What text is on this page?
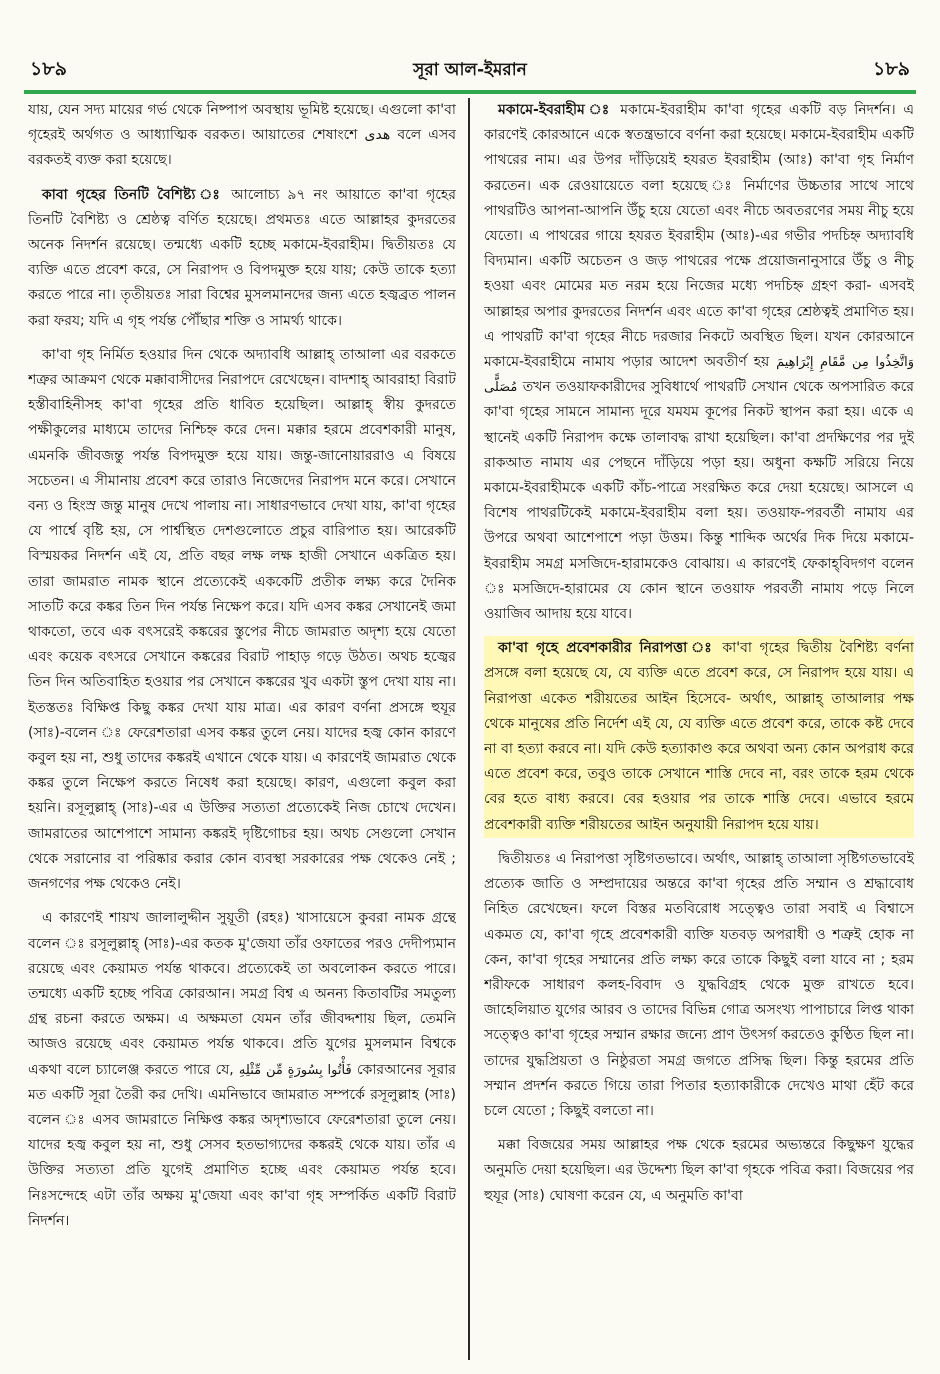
১৮৯	সূরা আল-ইমরান	১৮৯

যায়, যেন সদ্য মায়ের গর্ভ থেকে নিষ্পাপ অবস্থায় ভূমিষ্ট হয়েছে। এগুলো কা'বা গৃহেরই অর্থগত ও আধ্যাত্মিক বরকত। আয়াতের শেষাংশে هدى বলে এসব বরকতই ব্যক্ত করা হয়েছে।

কাবা গৃহের তিনটি বৈশিষ্ট্য ঃ আলোচ্য ৯৭ নং আয়াতে কা'বা গৃহের তিনটি বৈশিষ্ট্য ও শ্রেষ্ঠত্ব বর্ণিত হয়েছে। প্রথমতঃ এতে আল্লাহর কুদরতের অনেক নিদর্শন রয়েছে। তন্মধ্যে একটি হচ্ছে মকামে-ইবরাহীম। দ্বিতীয়তঃ যে ব্যক্তি এতে প্রবেশ করে, সে নিরাপদ ও বিপদমুক্ত হয়ে যায়; কেউ তাকে হত্যা করতে পারে না। তৃতীয়তঃ সারা বিশ্বের মুসলমানদের জন্য এতে হজ্বব্রত পালন করা ফরয; যদি এ গৃহ পর্যন্ত পৌঁছার শক্তি ও সামর্থ্য থাকে।

কা'বা গৃহ নির্মিত হওয়ার দিন থেকে অদ্যাবধি আল্লাহ্ তাআলা এর বরকতে শত্রুর আক্রমণ থেকে মক্কাবাসীদের নিরাপদে রেখেছেন। বাদশাহ্ আবরাহা বিরাট হস্তীবাহিনীসহ কা'বা গৃহের প্রতি ধাবিত হয়েছিল। আল্লাহ্ স্বীয় কুদরতে পক্ষীকুলের মাধ্যমে তাদের নিশ্চিহ্ন করে দেন। মক্কার হরমে প্রবেশকারী মানুষ, এমনকি জীবজন্তু পর্যন্ত বিপদমুক্ত হয়ে যায়। জন্তু-জানোয়াররাও এ বিষয়ে সচেতন। এ সীমানায় প্রবেশ করে তারাও নিজেদের নিরাপদ মনে করে। সেখানে বন্য ও হিংস্র জন্তু মানুষ দেখে পালায় না। সাধারণভাবে দেখা যায়, কা'বা গৃহের যে পার্শ্বে বৃষ্টি হয়, সে পার্শ্বস্থিত দেশগুলোতে প্রচুর বারিপাত হয়। আরেকটি বিস্ময়কর নিদর্শন এই যে, প্রতি বছর লক্ষ লক্ষ হাজী সেখানে একত্রিত হয়। তারা জামরাত নামক স্থানে প্রত্যেকেই এককেটি প্রতীক লক্ষ্য করে দৈনিক সাতটি করে কঙ্কর তিন দিন পর্যন্ত নিক্ষেপ করে। যদি এসব কঙ্কর সেখানেই জমা থাকতো, তবে এক বৎসরেই কঙ্করের স্তুপের নীচে জামরাত অদৃশ্য হয়ে যেতো এবং কয়েক বৎসরে সেখানে কঙ্করের বিরাট পাহাড় গড়ে উঠত। অথচ হজ্বের তিন দিন অতিবাহিত হওয়ার পর সেখানে কঙ্করের খুব একটা স্তুপ দেখা যায় না। ইতস্ততঃ বিক্ষিপ্ত কিছু কঙ্কর দেখা যায় মাত্র। এর কারণ বর্ণনা প্রসঙ্গে হুযূর (সাঃ)-বলেন ঃ ফেরেশতারা এসব কঙ্কর তুলে নেয়। যাদের হজ্ব কোন কারণে কবুল হয় না, শুধু তাদের কঙ্করই এখানে থেকে যায়। এ কারণেই জামরাত থেকে কঙ্কর তুলে নিক্ষেপ করতে নিষেধ করা হয়েছে। কারণ, এগুলো কবুল করা হয়নি। রসূলুল্লাহ্ (সাঃ)-এর এ উক্তির সত্যতা প্রত্যেকেই নিজ চোখে দেখেন। জামরাতের আশেপাশে সামান্য কঙ্করই দৃষ্টিগোচর হয়। অথচ সেগুলো সেখান থেকে সরানোর বা পরিষ্কার করার কোন ব্যবস্থা সরকারের পক্ষ থেকেও নেই ; জনগণের পক্ষ থেকেও নেই।

এ কারণেই শায়খ জালালুদ্দীন সুয়ূতী (রহঃ) খাসায়েসে কুবরা নামক গ্রন্থে বলেন ঃ রসূলুল্লাহ্ (সাঃ)-এর কতক মু'জেযা তাঁর ওফাতের পরও দেদীপ্যমান রয়েছে এবং কেয়ামত পর্যন্ত থাকবে। প্রত্যেকেই তা অবলোকন করতে পারে। তন্মধ্যে একটি হচ্ছে পবিত্র কোরআন। সমগ্র বিশ্ব এ অনন্য কিতাবটির সমতুল্য গ্রন্থ রচনা করতে অক্ষম। এ অক্ষমতা যেমন তাঁর জীবদ্দশায় ছিল, তেমনি আজও রয়েছে এবং কেয়ামত পর্যন্ত থাকবে। প্রতি যুগের মুসলমান বিশ্বকে একথা বলে চ্যালেঞ্জ করতে পারে যে, فَأْتُوا بِسُورَةٍ مِّن مِّثْلِهِ কোরআনের সূরার মত একটি সূরা তৈরী কর দেখি। এমনিভাবে জামরাত সম্পর্কে রসূলুল্লাহ (সাঃ) বলেন ঃ এসব জামরাতে নিক্ষিপ্ত কঙ্কর অদৃশ্যভাবে ফেরেশতারা তুলে নেয়। যাদের হজ্ব কবুল হয় না, শুধু সেসব হতভাগ্যদের কঙ্করই থেকে যায়। তাঁর এ উক্তির সত্যতা প্রতি যুগেই প্রমাণিত হচ্ছে এবং কেয়ামত পর্যন্ত হবে। নিঃসন্দেহে এটা তাঁর অক্ষয় মু'জেযা এবং কা'বা গৃহ সম্পর্কিত একটি বিরাট নিদর্শন।

মকামে-ইবরাহীম ঃ মকামে-ইবরাহীম কা'বা গৃহের একটি বড় নিদর্শন। এ কারণেই কোরআনে একে স্বতন্ত্রভাবে বর্ণনা করা হয়েছে। মকামে-ইবরাহীম একটি পাথরের নাম। এর উপর দাঁড়িয়েই হযরত ইবরাহীম (আঃ) কা'বা গৃহ নির্মাণ করতেন। এক রেওয়ায়েতে বলা হয়েছে ঃ নির্মাণের উচ্চতার সাথে সাথে পাথরটিও আপনা-আপনি উঁচু হয়ে যেতো এবং নীচে অবতরণের সময় নীচু হয়ে যেতো। এ পাথরের গায়ে হযরত ইবরাহীম (আঃ)-এর গভীর পদচিহ্ন অদ্যাবধি বিদ্যমান। একটি অচেতন ও জড় পাথরের পক্ষে প্রয়োজনানুসারে উঁচু ও নীচু হওয়া এবং মোমের মত নরম হয়ে নিজের মধ্যে পদচিহ্ন গ্রহণ করা- এসবই আল্লাহর অপার কুদরতের নিদর্শন এবং এতে কা'বা গৃহের শ্রেষ্ঠত্বই প্রমাণিত হয়। এ পাথরটি কা'বা গৃহের নীচে দরজার নিকটে অবস্থিত ছিল। যখন কোরআনে মকামে-ইবরাহীমে নামায পড়ার আদেশ অবতীর্ণ হয় وَاتَّخِذُوا مِن مَّقَامِ إِبْرَاهِيمَ مُصَلًّى তখন তওয়াফকারীদের সুবিধার্থে পাথরটি সেখান থেকে অপসারিত করে কা'বা গৃহের সামনে সামান্য দূরে যমযম কূপের নিকট স্থাপন করা হয়। একে এ স্থানেই একটি নিরাপদ কক্ষে তালাবদ্ধ রাখা হয়েছিল। কা'বা প্রদক্ষিণের পর দুই রাকআত নামায এর পেছনে দাঁড়িয়ে পড়া হয়। অধুনা কক্ষটি সরিয়ে নিয়ে মকামে-ইবরাহীমকে একটি কাঁচ-পাত্রে সংরক্ষিত করে দেয়া হয়েছে। আসলে এ বিশেষ পাথরটিকেই মকামে-ইবরাহীম বলা হয়। তওয়াফ-পরবর্তী নামায এর উপরে অথবা আশেপাশে পড়া উত্তম। কিন্তু শাব্দিক অর্থের দিক দিয়ে মকামে-ইবরাহীম সমগ্র মসজিদে-হারামকেও বোঝায়। এ কারণেই ফেকাহ্‌বিদগণ বলেন ঃ মসজিদে-হারামের যে কোন স্থানে তওয়াফ পরবর্তী নামায পড়ে নিলে ওয়াজিব আদায় হয়ে যাবে।

কা'বা গৃহে প্রবেশকারীর নিরাপত্তা ঃ কা'বা গৃহের দ্বিতীয় বৈশিষ্ট্য বর্ণনা প্রসঙ্গে বলা হয়েছে যে, যে ব্যক্তি এতে প্রবেশ করে, সে নিরাপদ হয়ে যায়। এ নিরাপত্তা একেত শরীয়তের আইন হিসেবে- অর্থাৎ, আল্লাহ্ তাআলার পক্ষ থেকে মানুষের প্রতি নির্দেশ এই যে, যে ব্যক্তি এতে প্রবেশ করে, তাকে কষ্ট দেবে না বা হত্যা করবে না। যদি কেউ হত্যাকাণ্ড করে অথবা অন্য কোন অপরাধ করে এতে প্রবেশ করে, তবুও তাকে সেখানে শাস্তি দেবে না, বরং তাকে হরম থেকে বের হতে বাধ্য করবে। বের হওয়ার পর তাকে শাস্তি দেবে। এভাবে হরমে প্রবেশকারী ব্যক্তি শরীয়তের আইন অনুযায়ী নিরাপদ হয়ে যায়।

দ্বিতীয়তঃ এ নিরাপত্তা সৃষ্টিগতভাবে। অর্থাৎ, আল্লাহ্ তাআলা সৃষ্টিগতভাবেই প্রত্যেক জাতি ও সম্প্রদায়ের অন্তরে কা'বা গৃহের প্রতি সম্মান ও শ্রদ্ধাবোধ নিহিত রেখেছেন। ফলে বিস্তর মতবিরোধ সত্ত্বেও তারা সবাই এ বিশ্বাসে একমত যে, কা'বা গৃহে প্রবেশকারী ব্যক্তি যতবড় অপরাধী ও শত্রুই হোক না কেন, কা'বা গৃহের সম্মানের প্রতি লক্ষ্য করে তাকে কিছুই বলা যাবে না ; হরম শরীফকে সাধারণ কলহ-বিবাদ ও যুদ্ধবিগ্রহ থেকে মুক্ত রাখতে হবে। জাহেলিয়াত যুগের আরব ও তাদের বিভিন্ন গোত্র অসংখ্য পাপাচারে লিপ্ত থাকা সত্ত্বেও কা'বা গৃহের সম্মান রক্ষার জন্যে প্রাণ উৎসর্গ করতেও কুণ্ঠিত ছিল না। তাদের যুদ্ধপ্রিয়তা ও নিষ্ঠুরতা সমগ্র জগতে প্রসিদ্ধ ছিল। কিন্তু হরমের প্রতি সম্মান প্রদর্শন করতে গিয়ে তারা পিতার হত্যাকারীকে দেখেও মাথা হেঁট করে চলে যেতো ; কিছুই বলতো না।

মক্কা বিজয়ের সময় আল্লাহর পক্ষ থেকে হরমের অভ্যন্তরে কিছুক্ষণ যুদ্ধের অনুমতি দেয়া হয়েছিল। এর উদ্দেশ্য ছিল কা'বা গৃহকে পবিত্র করা। বিজয়ের পর হুযূর (সাঃ) ঘোষণা করেন যে, এ অনুমতি কা'বা
